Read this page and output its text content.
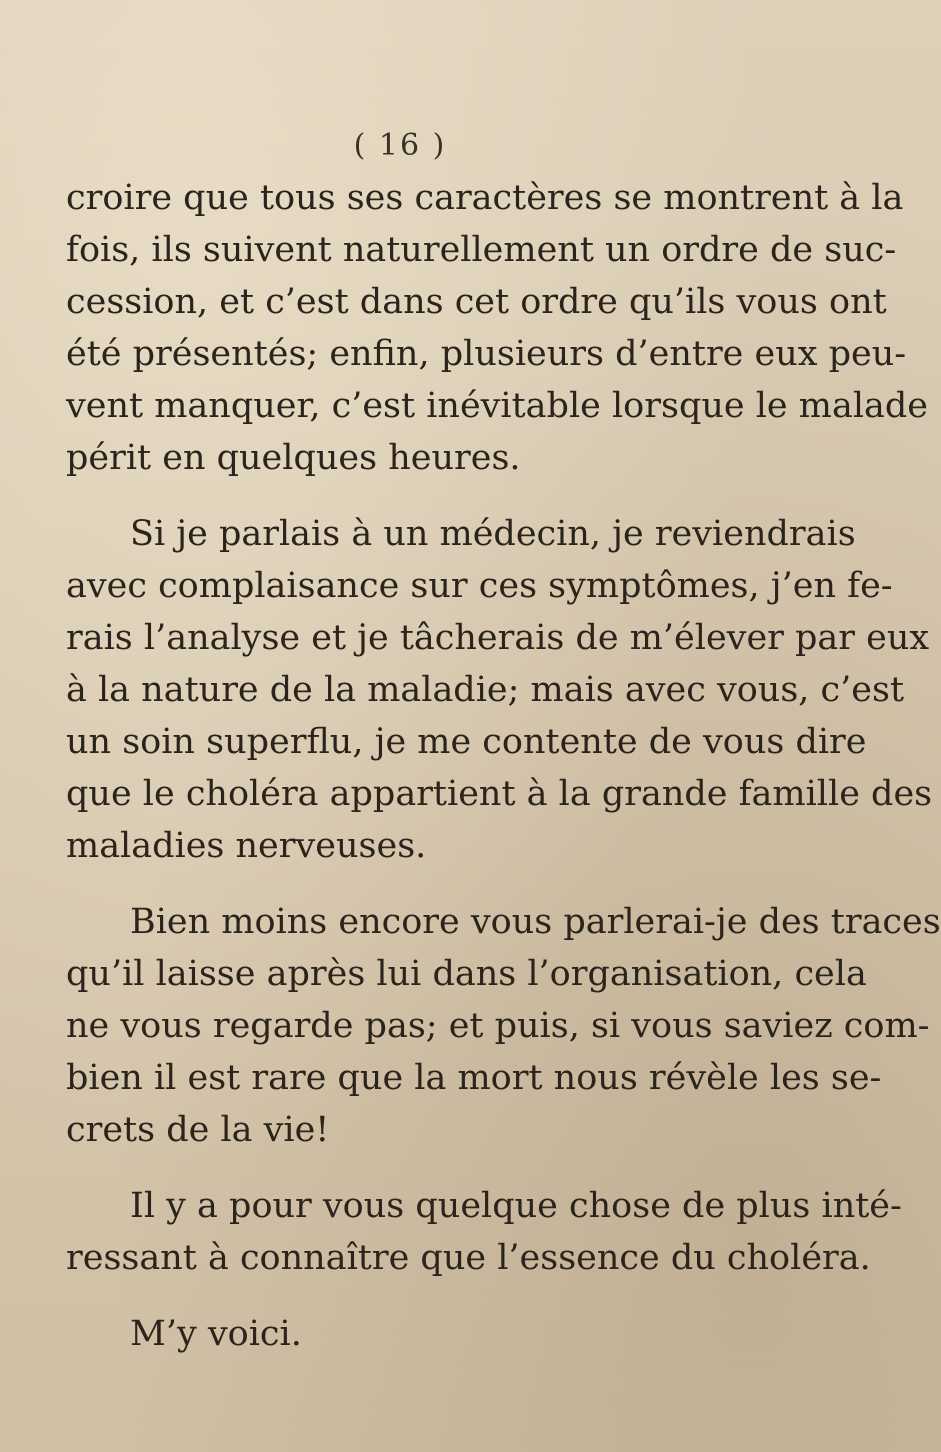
( 16 )
croire que tous ses caractères se montrent à la
fois, ils suivent naturellement un ordre de suc-
cession, et c’est dans cet ordre qu’ils vous ont
été présentés; enfin, plusieurs d’entre eux peu-
vent manquer, c’est inévitable lorsque le malade
périt en quelques heures.
Si je parlais à un médecin, je reviendrais
avec complaisance sur ces symptômes, j’en fe-
rais l’analyse et je tâcherais de m’élever par eux
à la nature de la maladie; mais avec vous, c’est
un soin superflu, je me contente de vous dire
que le choléra appartient à la grande famille des
maladies nerveuses.
Bien moins encore vous parlerai-je des traces
qu’il laisse après lui dans l’organisation, cela
ne vous regarde pas; et puis, si vous saviez com-
bien il est rare que la mort nous révèle les se-
crets de la vie!
Il y a pour vous quelque chose de plus inté-
ressant à connaître que l’essence du choléra.
M’y voici.
